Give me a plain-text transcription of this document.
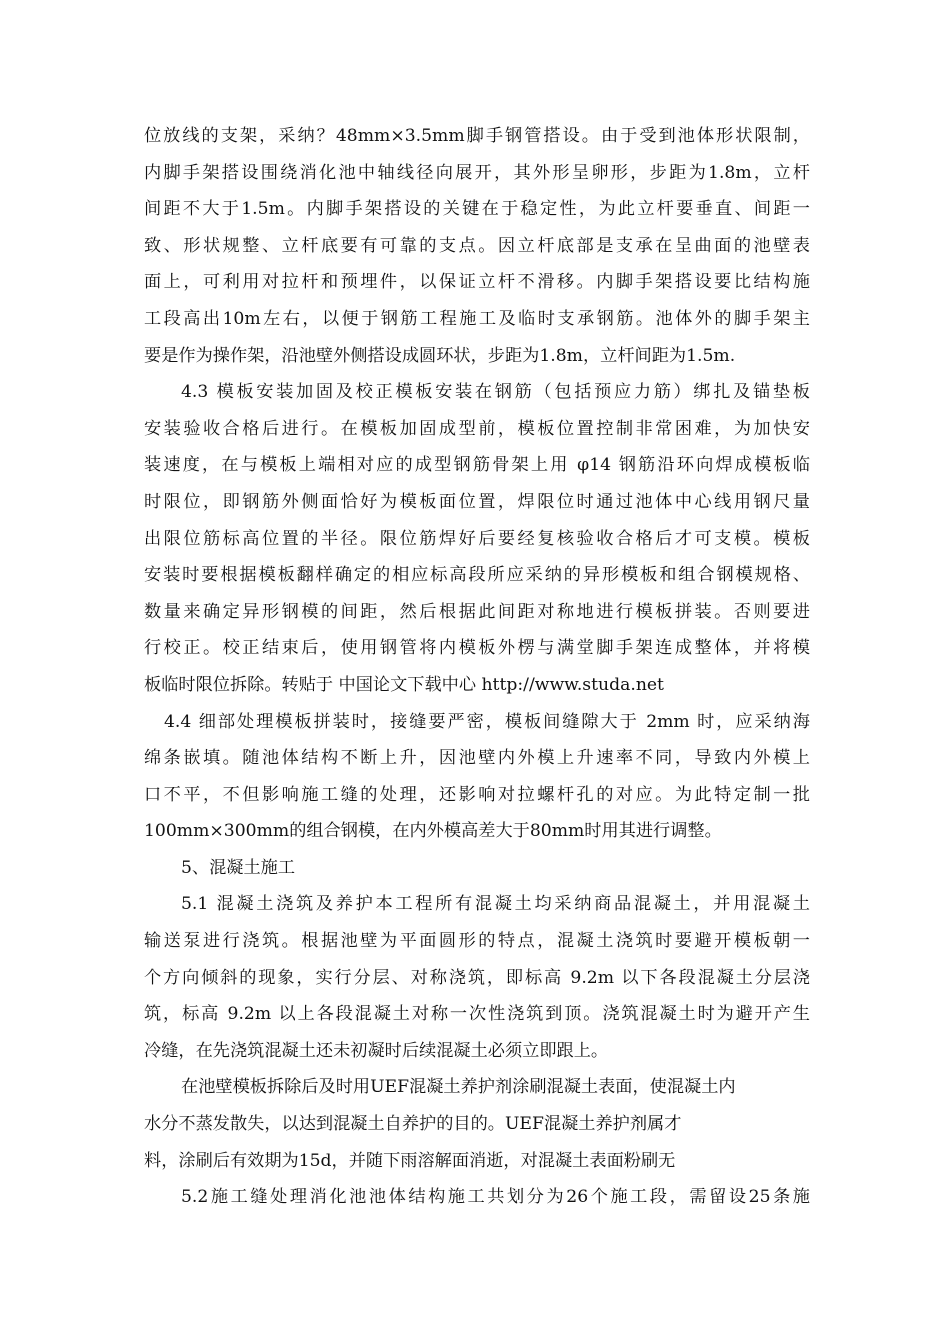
位放线的支架，采纳？48mm×3.5mm脚手钢管搭设。由于受到池体形状限制，
内脚手架搭设围绕消化池中轴线径向展开，其外形呈卵形，步距为1.8m，立杆
间距不大于1.5m。内脚手架搭设的关键在于稳定性，为此立杆要垂直、间距一
致、形状规整、立杆底要有可靠的支点。因立杆底部是支承在呈曲面的池壁表
面上，可利用对拉杆和预埋件，以保证立杆不滑移。内脚手架搭设要比结构施
工段高出10m左右，以便于钢筋工程施工及临时支承钢筋。池体外的脚手架主
要是作为操作架，沿池壁外侧搭设成圆环状，步距为1.8m，立杆间距为1.5m.
4.3 模板安装加固及校正模板安装在钢筋（包括预应力筋）绑扎及锚垫板
安装验收合格后进行。在模板加固成型前，模板位置控制非常困难，为加快安
装速度，在与模板上端相对应的成型钢筋骨架上用 φ14 钢筋沿环向焊成模板临
时限位，即钢筋外侧面恰好为模板面位置，焊限位时通过池体中心线用钢尺量
出限位筋标高位置的半径。限位筋焊好后要经复核验收合格后才可支模。模板
安装时要根据模板翻样确定的相应标高段所应采纳的异形模板和组合钢模规格、
数量来确定异形钢模的间距，然后根据此间距对称地进行模板拼装。否则要进
行校正。校正结束后，使用钢管将内模板外楞与满堂脚手架连成整体，并将模
板临时限位拆除。转贴于 中国论文下载中心 http://www.studa.net
4.4 细部处理模板拼装时，接缝要严密，模板间缝隙大于 2mm 时，应采纳海
绵条嵌填。随池体结构不断上升，因池壁内外模上升速率不同，导致内外模上
口不平，不但影响施工缝的处理，还影响对拉螺杆孔的对应。为此特定制一批
100mm×300mm的组合钢模，在内外模高差大于80mm时用其进行调整。
5、混凝土施工
5.1 混凝土浇筑及养护本工程所有混凝土均采纳商品混凝土，并用混凝土
输送泵进行浇筑。根据池壁为平面圆形的特点，混凝土浇筑时要避开模板朝一
个方向倾斜的现象，实行分层、对称浇筑，即标高 9.2m 以下各段混凝土分层浇
筑，标高 9.2m 以上各段混凝土对称一次性浇筑到顶。浇筑混凝土时为避开产生
冷缝，在先浇筑混凝土还未初凝时后续混凝土必须立即跟上。
在池壁模板拆除后及时用UEF混凝土养护剂涂刷混凝土表面，使混凝土内
水分不蒸发散失，以达到混凝土自养护的目的。UEF混凝土养护剂属才
料，涂刷后有效期为15d，并随下雨溶解面消逝，对混凝土表面粉刷无
5.2施工缝处理消化池池体结构施工共划分为26个施工段，需留设25条施
